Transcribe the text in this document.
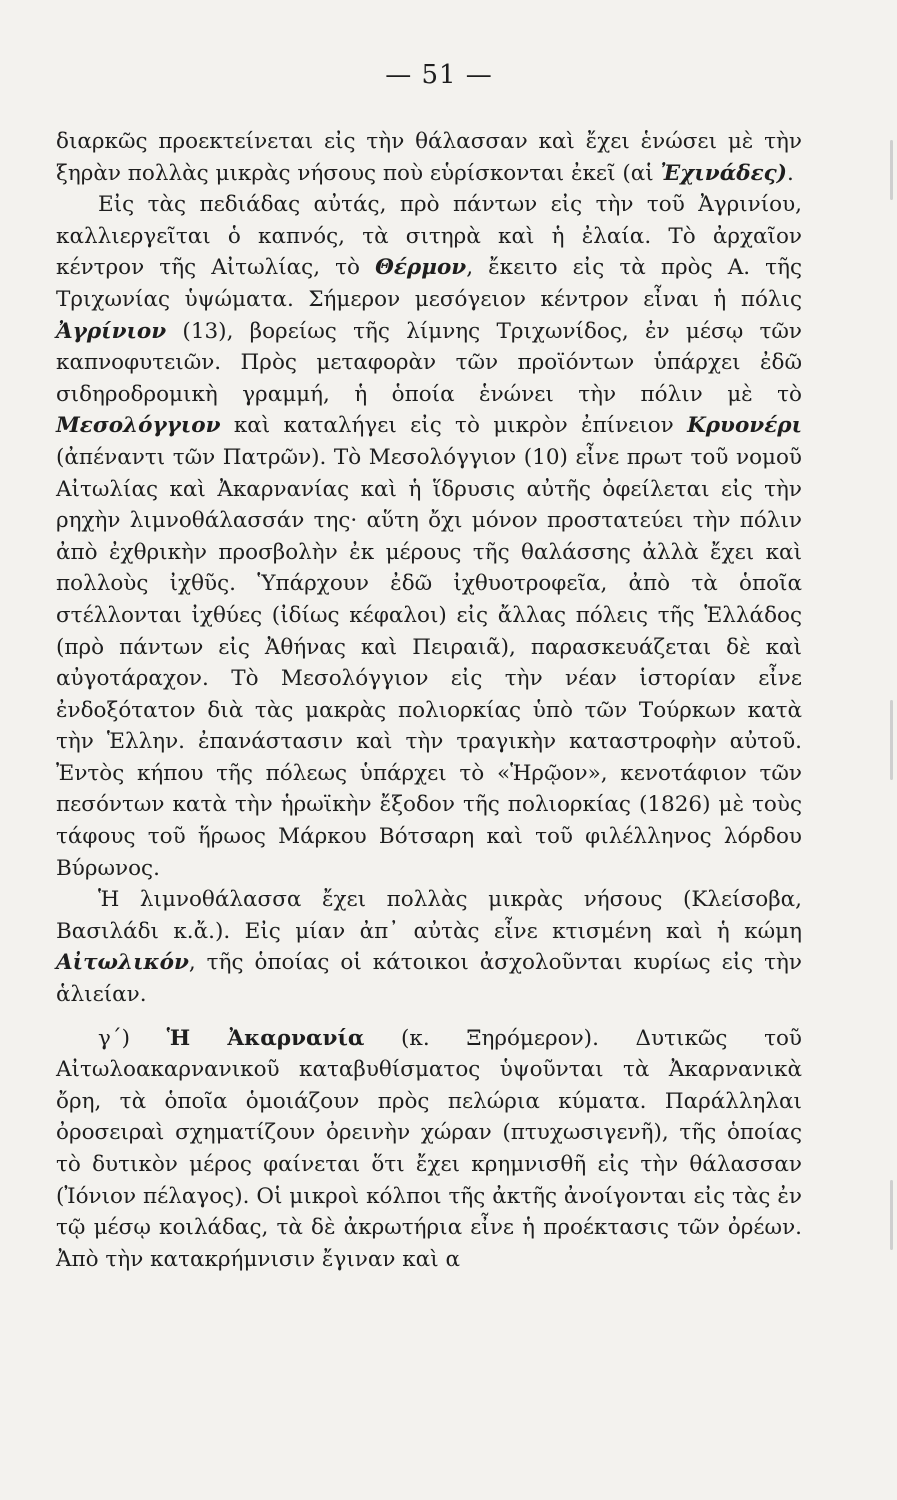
— 51 —

διαρκῶς προεκτείνεται εἰς τὴν θάλασσαν καὶ ἔχει ἑνώσει μὲ τὴν ξηρὰν πολλὰς μικρὰς νήσους ποὺ εὑρίσκονται ἐκεῖ (αἱ Ἐχινάδες).

Εἰς τὰς πεδιάδας αὐτάς, πρὸ πάντων εἰς τὴν τοῦ Ἀγρινίου, καλλιεργεῖται ὁ καπνός, τὰ σιτηρὰ καὶ ἡ ἐλαία. Τὸ ἀρχαῖον κέντρον τῆς Αἰτωλίας, τὸ Θέρμον, ἔκειτο εἰς τὰ πρὸς Α. τῆς Τριχωνίας ὑψώματα. Σήμερον μεσόγειον κέντρον εἶναι ἡ πόλις Ἀγρίνιον (13), βορείως τῆς λίμνης Τριχωνίδος, ἐν μέσῳ τῶν καπνοφυτειῶν. Πρὸς μεταφορὰν τῶν προϊόντων ὑπάρχει ἐδῶ σιδηροδρομικὴ γραμμή, ἡ ὁποία ἑνώνει τὴν πόλιν μὲ τὸ Μεσολόγγιον καὶ καταλήγει εἰς τὸ μικρὸν ἐπίνειον Κρυονέρι (ἀπέναντι τῶν Πατρῶν). Τὸ Μεσολόγγιον (10) εἶνε πρωτ τοῦ νομοῦ Αἰτωλίας καὶ Ἀκαρνανίας καὶ ἡ ἵδρυσις αὐτῆς ὀφείλεται εἰς τὴν ρηχὴν λιμνοθάλασσάν της· αὕτη ὄχι μόνον προστατεύει τὴν πόλιν ἀπὸ ἐχθρικὴν προσβολὴν ἐκ μέρους τῆς θαλάσσης ἀλλὰ ἔχει καὶ πολλοὺς ἰχθῦς. Ὑπάρχουν ἐδῶ ἰχθυοτροφεῖα, ἀπὸ τὰ ὁποῖα στέλλονται ἰχθύες (ἰδίως κέφαλοι) εἰς ἄλλας πόλεις τῆς Ἑλλάδος (πρὸ πάντων εἰς Ἀθήνας καὶ Πειραιᾶ), παρασκευάζεται δὲ καὶ αὐγοτάραχον. Τὸ Μεσολόγγιον εἰς τὴν νέαν ἱστορίαν εἶνε ἐνδοξότατον διὰ τὰς μακρὰς πολιορκίας ὑπὸ τῶν Τούρκων κατὰ τὴν Ἑλλην. ἐπανάστασιν καὶ τὴν τραγικὴν καταστροφὴν αὐτοῦ. Ἐντὸς κήπου τῆς πόλεως ὑπάρχει τὸ «Ἡρῷον», κενοτάφιον τῶν πεσόντων κατὰ τὴν ἡρωϊκὴν ἔξοδον τῆς πολιορκίας (1826) μὲ τοὺς τάφους τοῦ ἥρωος Μάρκου Βότσαρη καὶ τοῦ φιλέλληνος λόρδου Βύρωνος.

Ἡ λιμνοθάλασσα ἔχει πολλὰς μικρὰς νήσους (Κλείσοβα, Βασιλάδι κ.ἄ.). Εἰς μίαν ἀπ᾿ αὐτὰς εἶνε κτισμένη καὶ ἡ κώμη Αἰτωλικόν, τῆς ὁποίας οἱ κάτοικοι ἀσχολοῦνται κυρίως εἰς τὴν ἁλιείαν.

γ΄) Ἡ Ἀκαρνανία (κ. Ξηρόμερον). Δυτικῶς τοῦ Αἰτωλοακαρνανικοῦ καταβυθίσματος ὑψοῦνται τὰ Ἀκαρνανικὰ ὄρη, τὰ ὁποῖα ὁμοιάζουν πρὸς πελώρια κύματα. Παράλληλαι ὀροσειραὶ σχηματίζουν ὀρεινὴν χώραν (πτυχωσιγενῆ), τῆς ὁποίας τὸ δυτικὸν μέρος φαίνεται ὅτι ἔχει κρημνισθῆ εἰς τὴν θάλασσαν (Ἰόνιον πέλαγος). Οἱ μικροὶ κόλποι τῆς ἀκτῆς ἀνοίγονται εἰς τὰς ἐν τῷ μέσῳ κοιλάδας, τὰ δὲ ἀκρωτήρια εἶνε ἡ προέκτασις τῶν ὀρέων. Ἀπὸ τὴν κατακρήμνισιν ἔγιναν καὶ α
